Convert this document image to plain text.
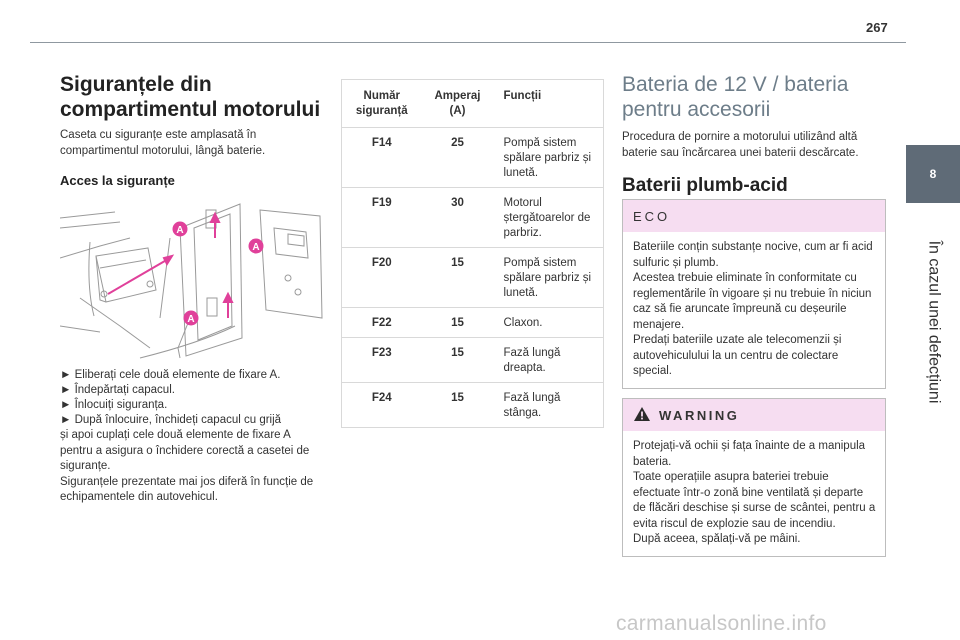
267
8
În cazul unei defecțiuni
Siguranțele din compartimentul motorului
Caseta cu siguranțe este amplasată în compartimentul motorului, lângă baterie.
Acces la siguranțe
A
A
A
► Eliberați cele două elemente de fixare A.
► Îndepărtați capacul.
► Înlocuiți siguranța.
► După înlocuire, închideți capacul cu grijă
și apoi cuplați cele două elemente de fixare A
pentru a asigura o închidere corectă a casetei de siguranțe.
Siguranțele prezentate mai jos diferă în funcție de echipamentele din autovehicul.
Număr siguranță	Amperaj (A)	Funcții
F14	25	Pompă sistem spălare parbriz și lunetă.
F19	30	Motorul ștergătoarelor de parbriz.
F20	15	Pompă sistem spălare parbriz și lunetă.
F22	15	Claxon.
F23	15	Fază lungă dreapta.
F24	15	Fază lungă stânga.
Bateria de 12 V / bateria pentru accesorii
Procedura de pornire a motorului utilizând altă baterie sau încărcarea unei baterii descărcate.
Baterii plumb-acid
ECO
Bateriile conțin substanțe nocive, cum ar fi acid sulfuric și plumb.
Acestea trebuie eliminate în conformitate cu reglementările în vigoare și nu trebuie în niciun caz să fie aruncate împreună cu deșeurile menajere.
Predați bateriile uzate ale telecomenzii și autovehiculului la un centru de colectare special.
WARNING
Protejați-vă ochii și fața înainte de a manipula bateria.
Toate operațiile asupra bateriei trebuie efectuate într-o zonă bine ventilată și departe de flăcări deschise și surse de scântei, pentru a evita riscul de explozie sau de incendiu.
După aceea, spălați-vă pe mâini.
carmanualsonline.info
